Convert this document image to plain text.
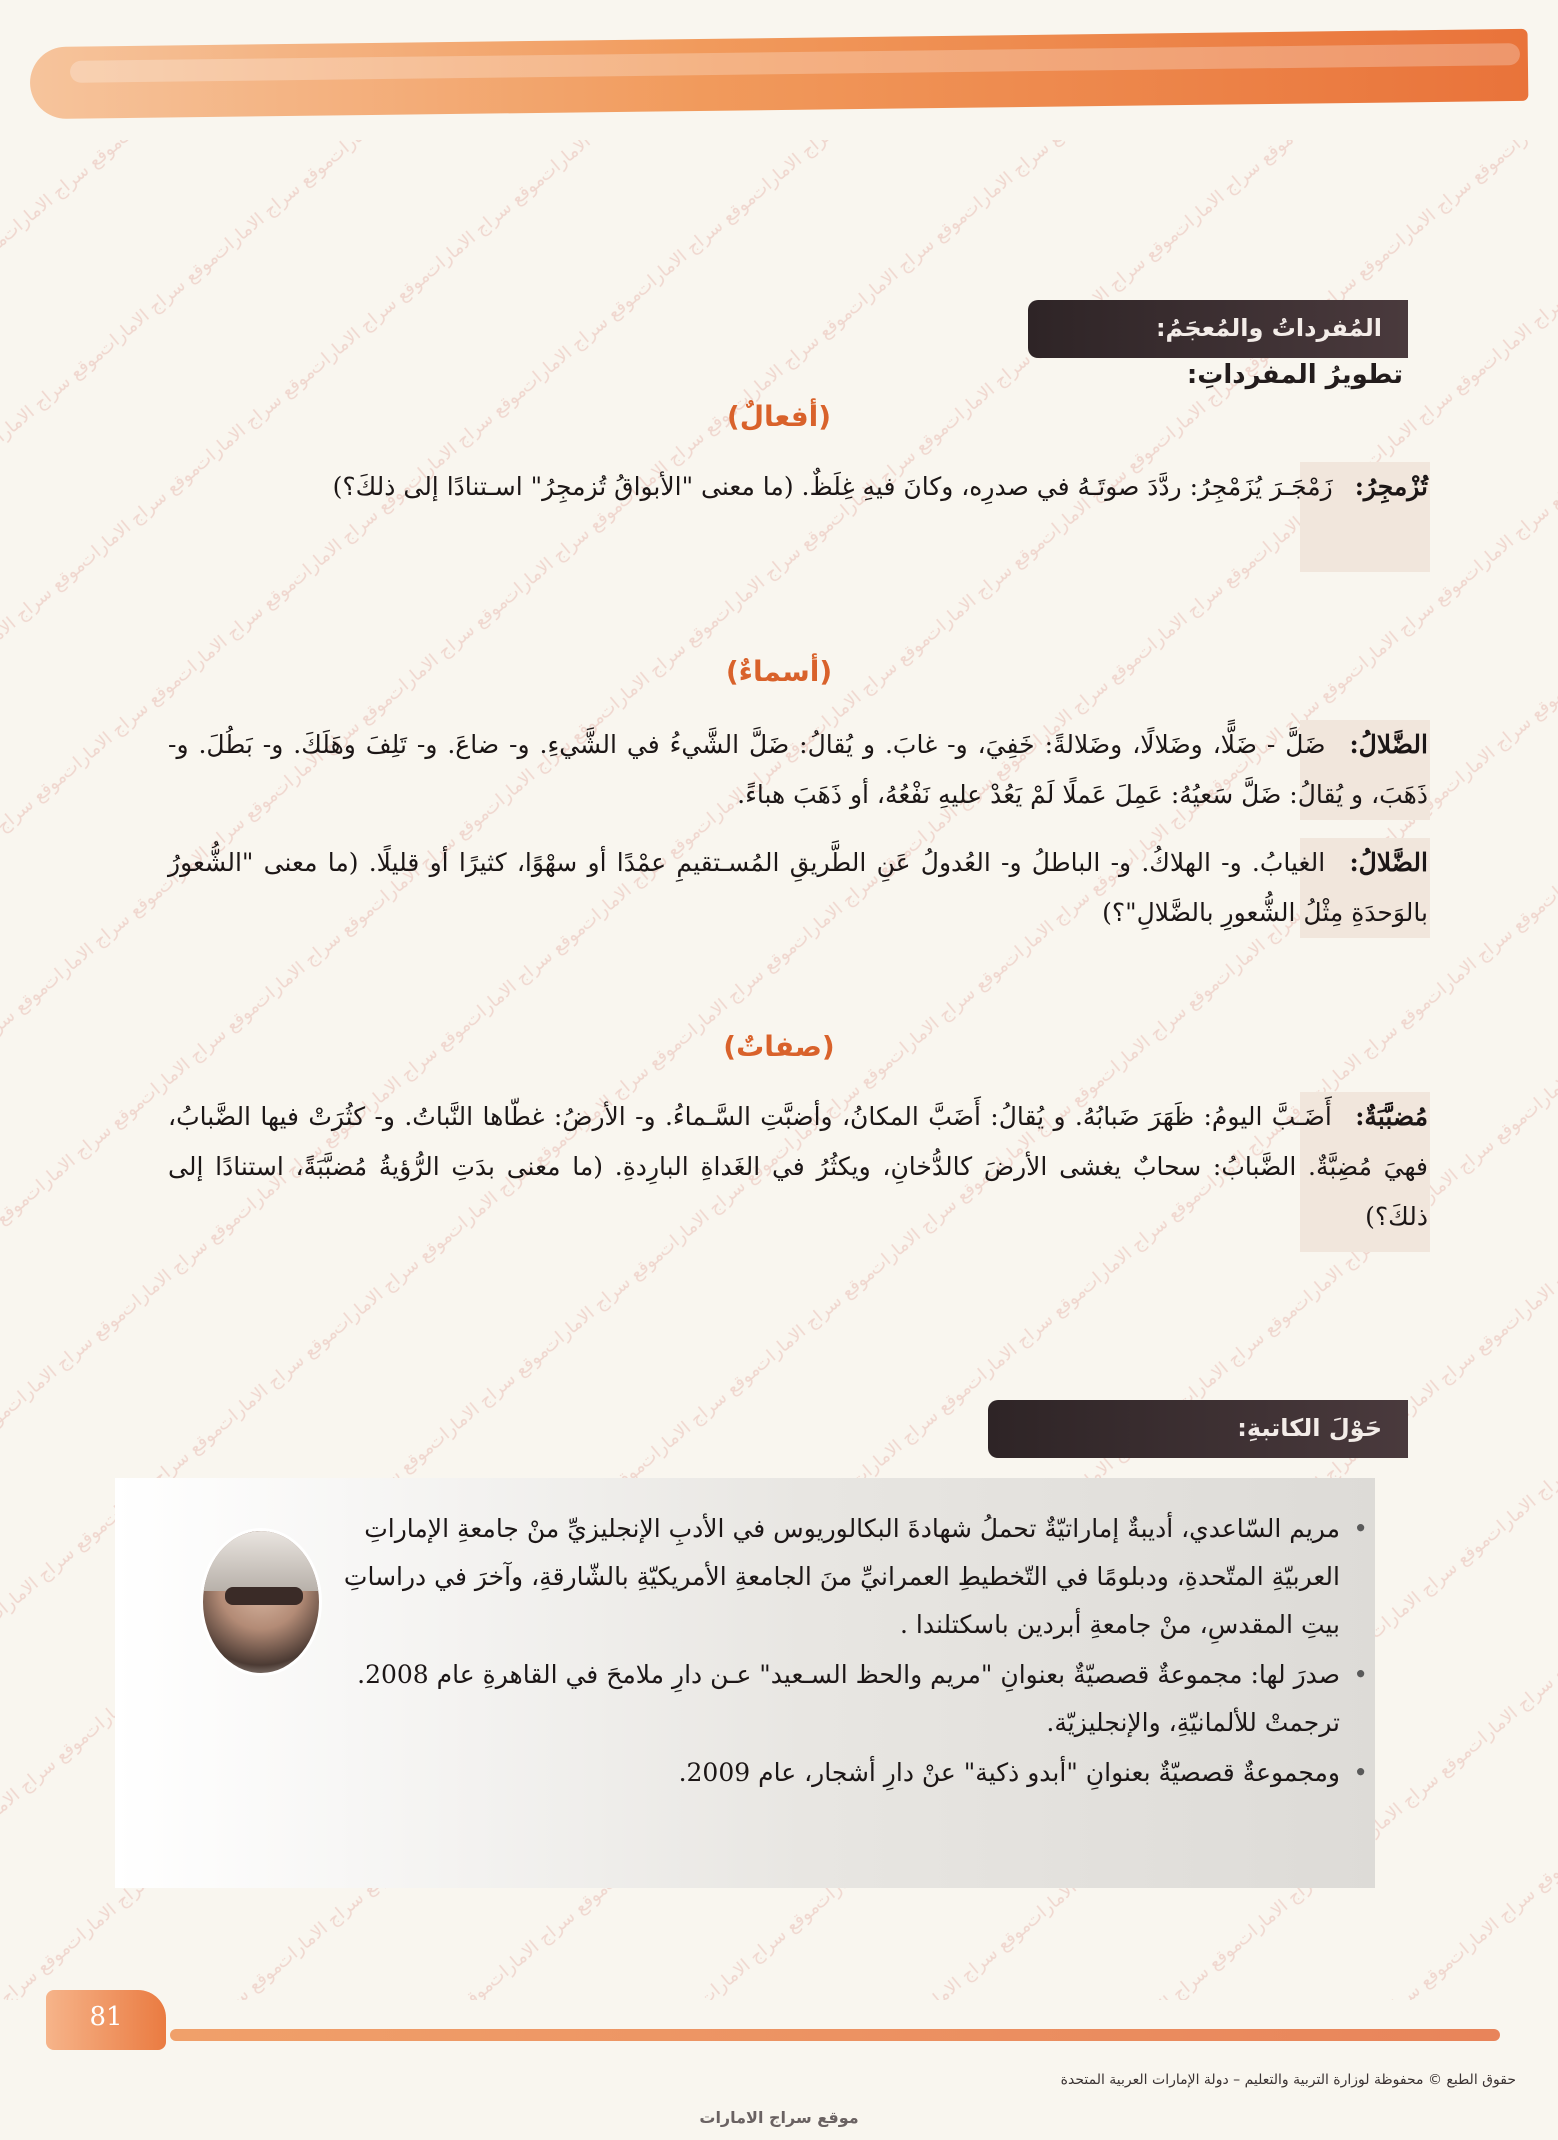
المُفرداتُ والمُعجَمُ:
تطويرُ المفرداتِ:
(أفعالٌ)
تُزْمجِرُ: زَمْجَـرَ يُزَمْجِرُ: ردَّدَ صوتَـهُ في صدرِه، وكانَ فيهِ غِلَظٌ. (ما معنى "الأبواقُ تُزمجِرُ" اسـتنادًا إلى ذلكَ؟)
(أسماءٌ)
الضَّلالُ: ضَلَّ - ضَلًّا، وضَلالًا، وضَلالةً: خَفِيَ، و- غابَ. و يُقالُ: ضَلَّ الشَّيءُ في الشَّيءِ. و- ضاعَ. و- تَلِفَ وهَلَكَ. و- بَطُلَ. و- ذَهَبَ، و يُقالُ: ضَلَّ سَعيُهُ: عَمِلَ عَملًا لَمْ يَعُدْ عليهِ نَفْعُهُ، أو ذَهَبَ هباءً.
الضَّلالُ: الغيابُ. و- الهلاكُ. و- الباطلُ و- العُدولُ عَنِ الطَّريقِ المُسـتقيمِ عمْدًا أو سهْوًا، كثيرًا أو قليلًا. (ما معنى "الشُّعورُ بالوَحدَةِ مِثْلُ الشُّعورِ بالضَّلالِ"؟)
(صفاتٌ)
مُضبَّبَةٌ: أَضَـبَّ اليومُ: ظَهَرَ ضَبابُهُ. و يُقالُ: أَضَبَّ المكانُ، وأضبَّتِ السَّـماءُ. و- الأرضُ: غطّاها النَّباتُ. و- كثُرَتْ فيها الضَّبابُ، فهيَ مُضِبَّةٌ. الضَّبابُ: سحابٌ يغشى الأرضَ كالدُّخانِ، ويكثُرُ في الغَداةِ البارِدةِ. (ما معنى بدَتِ الرُّؤيةُ مُضبَّبَةً، استنادًا إلى ذلكَ؟)
حَوْلَ الكاتبةِ:
• مريم السّاعدي، أديبةٌ إماراتيّةٌ تحملُ شهادةَ البكالوريوس في الأدبِ الإنجليزيِّ منْ جامعةِ الإماراتِ العربيّةِ المتّحدةِ، ودبلومًا في التّخطيطِ العمرانيِّ منَ الجامعةِ الأمريكيّةِ بالشّارقةِ، وآخرَ في دراساتِ بيتِ المقدسِ، منْ جامعةِ أبردين باسكتلندا .
• صدرَ لها: مجموعةٌ قصصيّةٌ بعنوانِ "مريم والحظ السـعيد" عـن دارِ ملامحَ في القاهرةِ عام 2008. ترجمتْ للألمانيّةِ، والإنجليزيّة.
• ومجموعةٌ قصصيّةٌ بعنوانِ "أبدو ذكية" عنْ دارِ أشجار، عام 2009.
81
حقوق الطبع © محفوظة لوزارة التربية والتعليم – دولة الإمارات العربية المتحدة
موقع سراج الامارات
